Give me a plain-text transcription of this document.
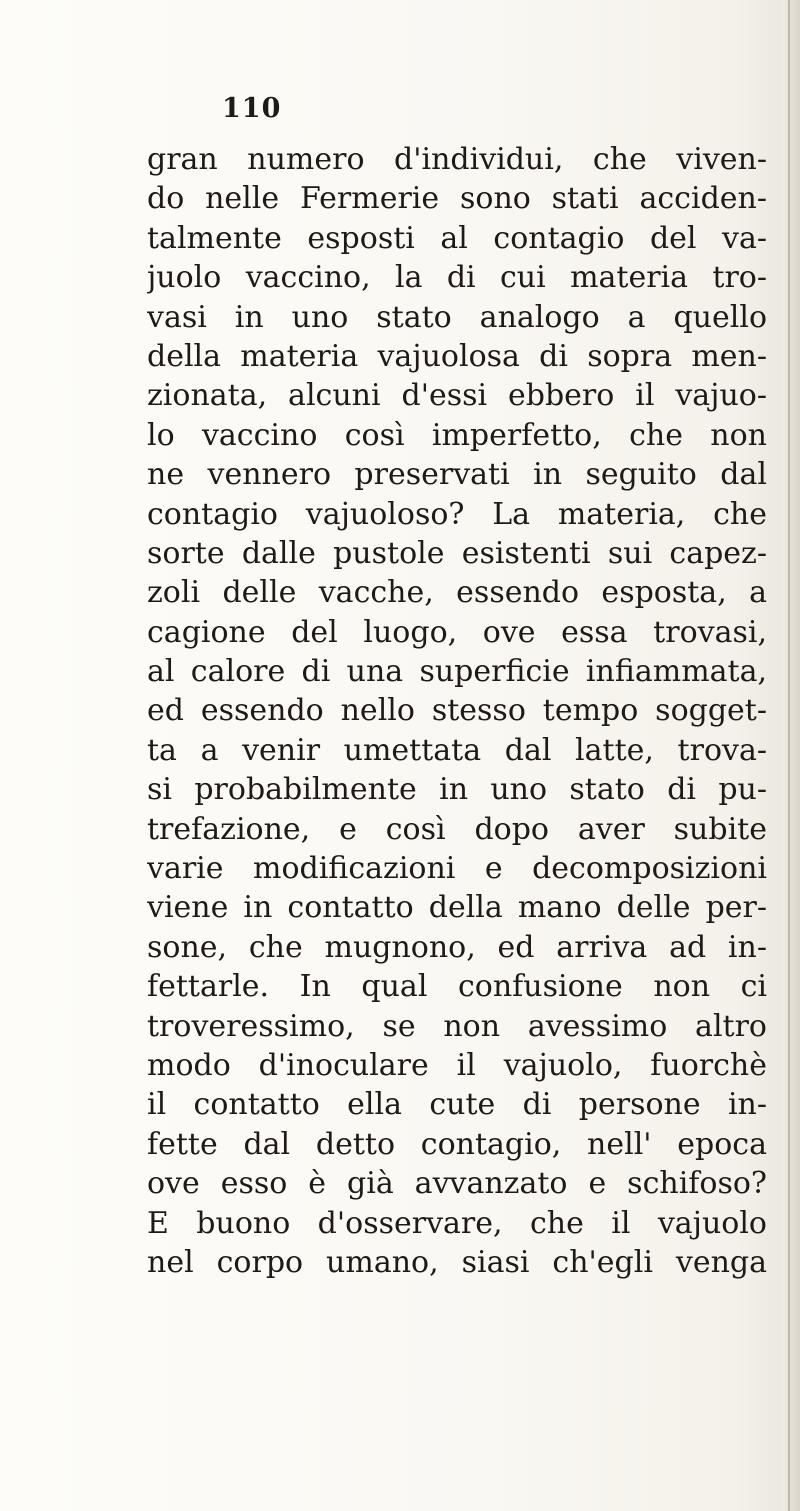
110
gran numero d'individui, che viven-
do nelle Fermerie sono stati acciden-
talmente esposti al contagio del va-
juolo vaccino, la di cui materia tro-
vasi in uno stato analogo a quello
della materia vajuolosa di sopra men-
zionata, alcuni d'essi ebbero il vajuo-
lo vaccino così imperfetto, che non
ne vennero preservati in seguito dal
contagio vajuoloso? La materia, che
sorte dalle pustole esistenti sui capez-
zoli delle vacche, essendo esposta, a
cagione del luogo, ove essa trovasi,
al calore di una superficie infiammata,
ed essendo nello stesso tempo sogget-
ta a venir umettata dal latte, trova-
si probabilmente in uno stato di pu-
trefazione, e così dopo aver subite
varie modificazioni e decomposizioni
viene in contatto della mano delle per-
sone, che mugnono, ed arriva ad in-
fettarle. In qual confusione non ci
troveressimo, se non avessimo altro
modo d'inoculare il vajuolo, fuorchè
il contatto ella cute di persone in-
fette dal detto contagio, nell' epoca
ove esso è già avvanzato e schifoso?
E buono d'osservare, che il vajuolo
nel corpo umano, siasi ch'egli venga
